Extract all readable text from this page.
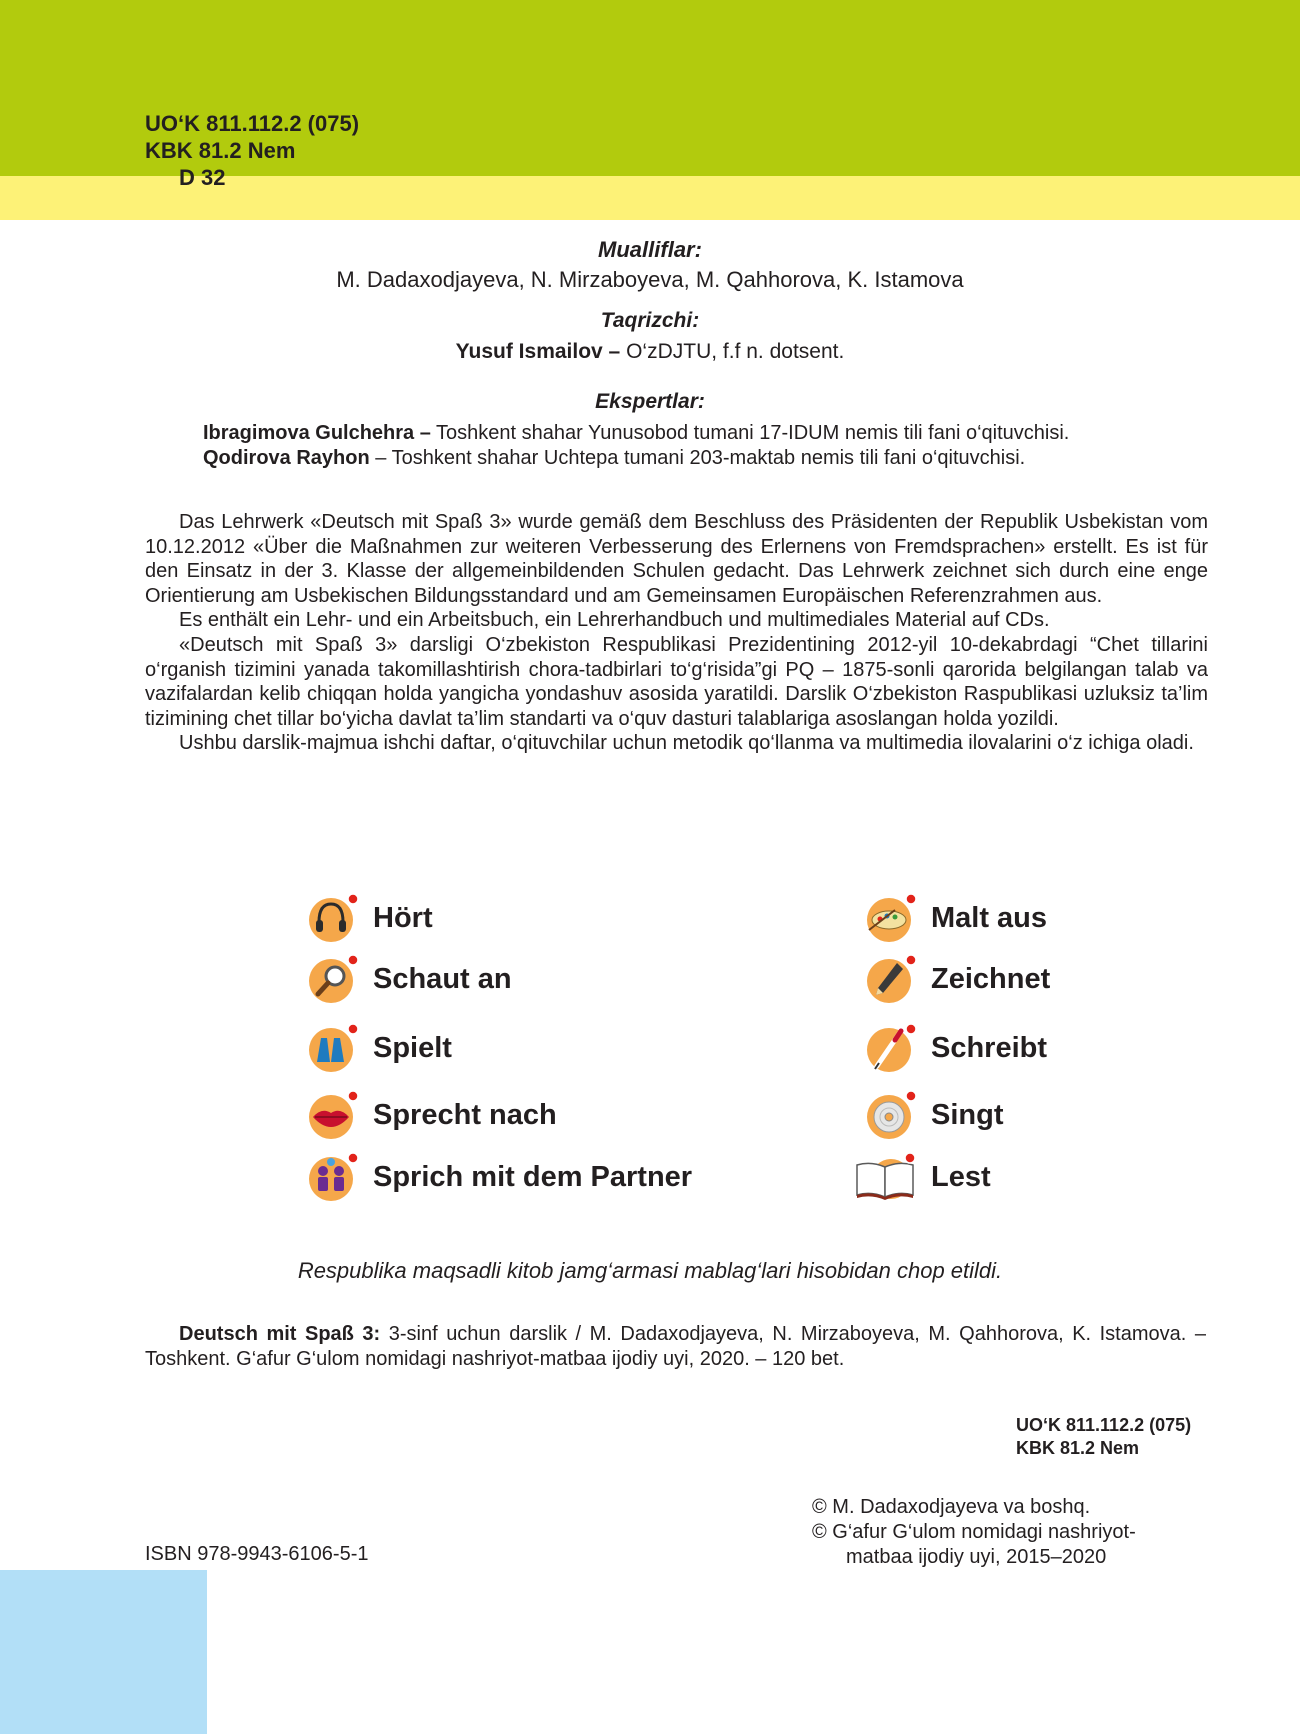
UO‘K 811.112.2 (075)
KBK 81.2 Nem
D 32
Mualliflar:
M. Dadaxodjayeva, N. Mirzaboyeva, M. Qahhorova, K. Istamova
Taqrizchi:
Yusuf Ismailov – O‘zDJTU, f.f n. dotsent.
Ekspertlar:
Ibragimova Gulchehra – Toshkent shahar Yunusobod tumani 17-IDUM nemis tili fani o‘qituvchisi.
Qodirova Rayhon – Toshkent shahar Uchtepa tumani 203-maktab nemis tili fani o‘qituvchisi.

Das Lehrwerk «Deutsch mit Spaß 3» wurde gemäß dem Beschluss des Präsidenten der Republik Usbekistan vom 10.12.2012 «Über die Maßnahmen zur weiteren Verbesserung des Erlernens von Fremdsprachen» erstellt. Es ist für den Einsatz in der 3. Klasse der allgemeinbildenden Schulen gedacht. Das Lehrwerk zeichnet sich durch eine enge Orientierung am Usbekischen Bildungsstandard und am Gemeinsamen Europäischen Referenzrahmen aus.

Es enthält ein Lehr- und ein Arbeitsbuch, ein Lehrerhandbuch und multimediales Material auf CDs.

«Deutsch mit Spaß 3» darsligi O‘zbekiston Respublikasi Prezidentining 2012-yil 10-dekabrdagi “Chet tillarini o‘rganish tizimini yanada takomillashtirish chora-tadbirlari to‘g‘risida”gi PQ – 1875-sonli qarorida belgilangan talab va vazifalardan kelib chiqqan holda yangicha yondashuv asosida yaratildi. Darslik O‘zbekiston Raspublikasi uzluksiz ta’lim tizimining chet tillar bo‘yicha davlat ta’lim standarti va o‘quv dasturi talablariga asoslangan holda yozildi.

Ushbu darslik-majmua ishchi daftar, o‘qituvchilar uchun metodik qo‘llanma va multimedia ilovalarini o‘z ichiga oladi.

Hört
Schaut an
Spielt
Sprecht nach
Sprich mit dem Partner
Malt aus
Zeichnet
Schreibt
Singt
Lest
Respublika maqsadli kitob jamg‘armasi mablag‘lari hisobidan chop etildi.

Deutsch mit Spaß 3: 3-sinf uchun darslik / M. Dadaxodjayeva, N. Mirzaboyeva, M. Qahhorova, K. Istamova. – Toshkent. G‘afur G‘ulom nomidagi nashriyot-matbaa ijodiy uyi, 2020. – 120 bet.

UO‘K 811.112.2 (075)
KBK 81.2 Nem
© M. Dadaxodjayeva va boshq.
© G‘afur G‘ulom nomidagi nashriyot-
matbaa ijodiy uyi, 2015–2020
ISBN 978-9943-6106-5-1
